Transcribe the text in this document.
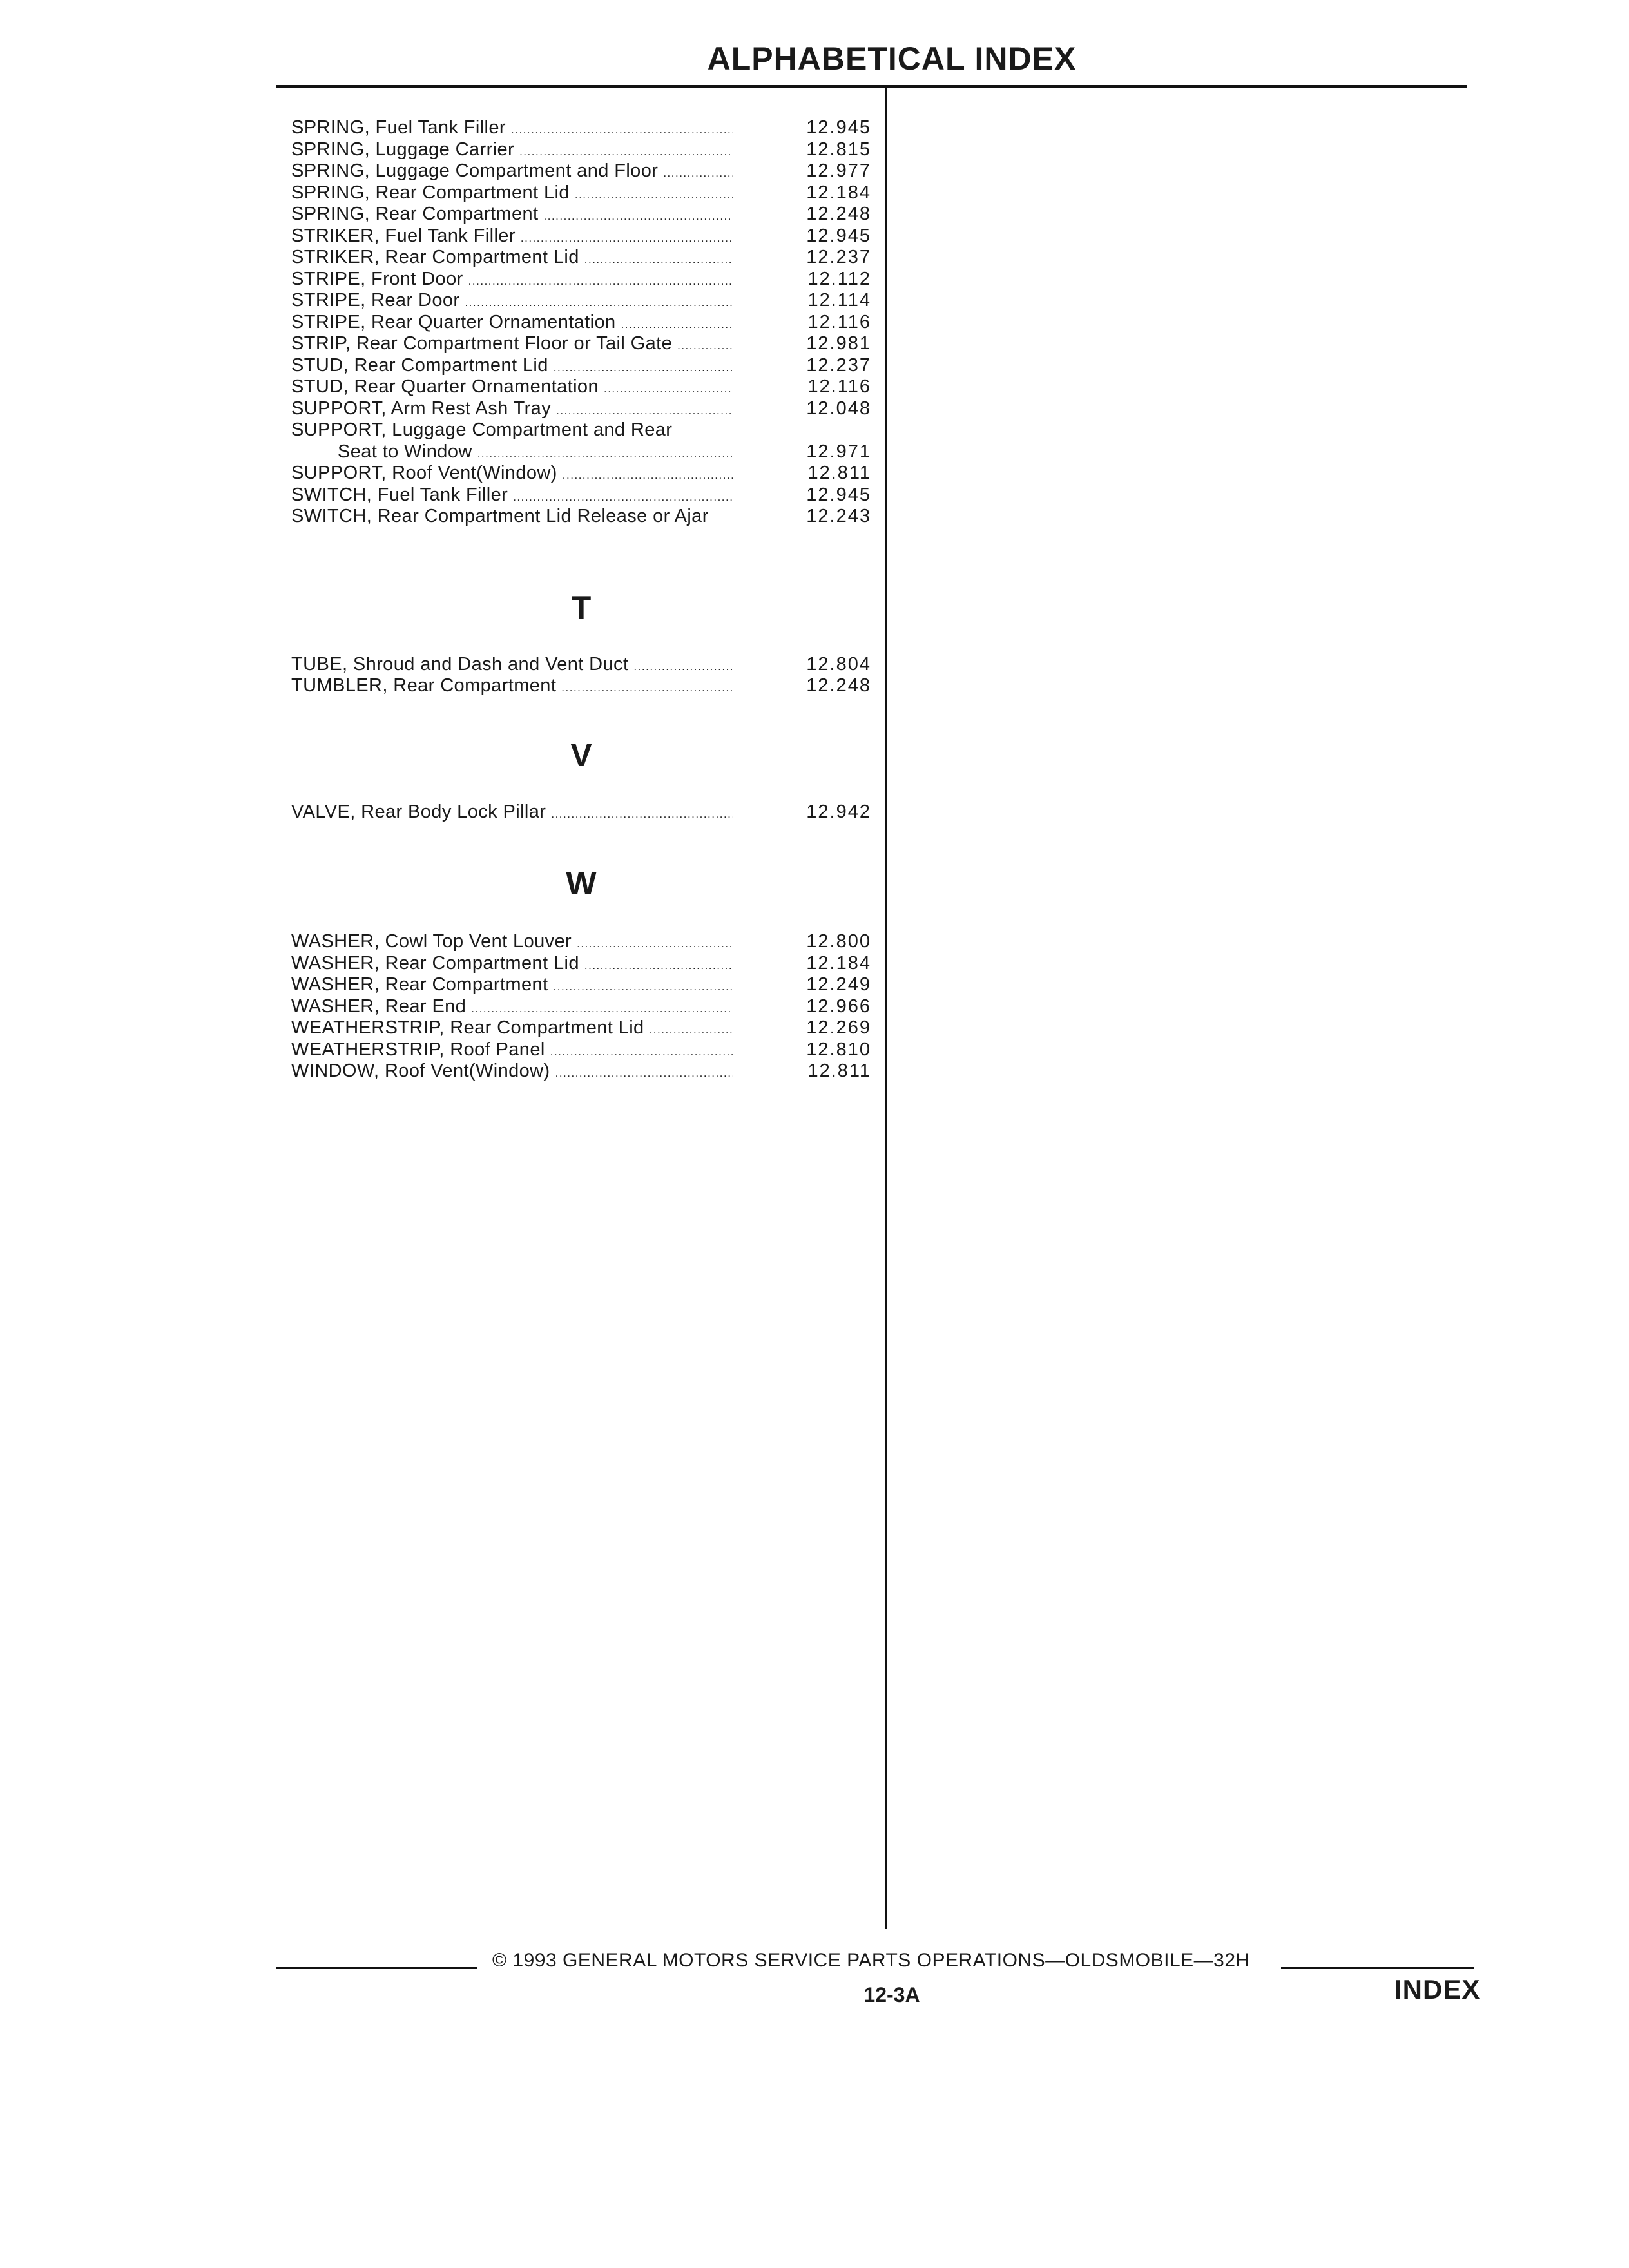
ALPHABETICAL INDEX
SPRING, Fuel Tank Filler .....	12.945
SPRING, Luggage Carrier .....	12.815
SPRING, Luggage Compartment and Floor .....	12.977
SPRING, Rear Compartment Lid .....	12.184
SPRING, Rear Compartment .....	12.248
STRIKER, Fuel Tank Filler .....	12.945
STRIKER, Rear Compartment Lid .....	12.237
STRIPE, Front Door .....	12.112
STRIPE, Rear Door .....	12.114
STRIPE, Rear Quarter Ornamentation .....	12.116
STRIP, Rear Compartment Floor or Tail Gate .....	12.981
STUD, Rear Compartment Lid .....	12.237
STUD, Rear Quarter Ornamentation .....	12.116
SUPPORT, Arm Rest Ash Tray .....	12.048
SUPPORT, Luggage Compartment and Rear
Seat to Window .....	12.971
SUPPORT, Roof Vent(Window) .....	12.811
SWITCH, Fuel Tank Filler .....	12.945
SWITCH, Rear Compartment Lid Release or Ajar	12.243
T
TUBE, Shroud and Dash and Vent Duct .....	12.804
TUMBLER, Rear Compartment .....	12.248
V
VALVE, Rear Body Lock Pillar .....	12.942
W
WASHER, Cowl Top Vent Louver .....	12.800
WASHER, Rear Compartment Lid .....	12.184
WASHER, Rear Compartment .....	12.249
WASHER, Rear End .....	12.966
WEATHERSTRIP, Rear Compartment Lid .....	12.269
WEATHERSTRIP, Roof Panel .....	12.810
WINDOW, Roof Vent(Window) .....	12.811
© 1993 GENERAL MOTORS SERVICE PARTS OPERATIONS—OLDSMOBILE—32H
12-3A	INDEX
